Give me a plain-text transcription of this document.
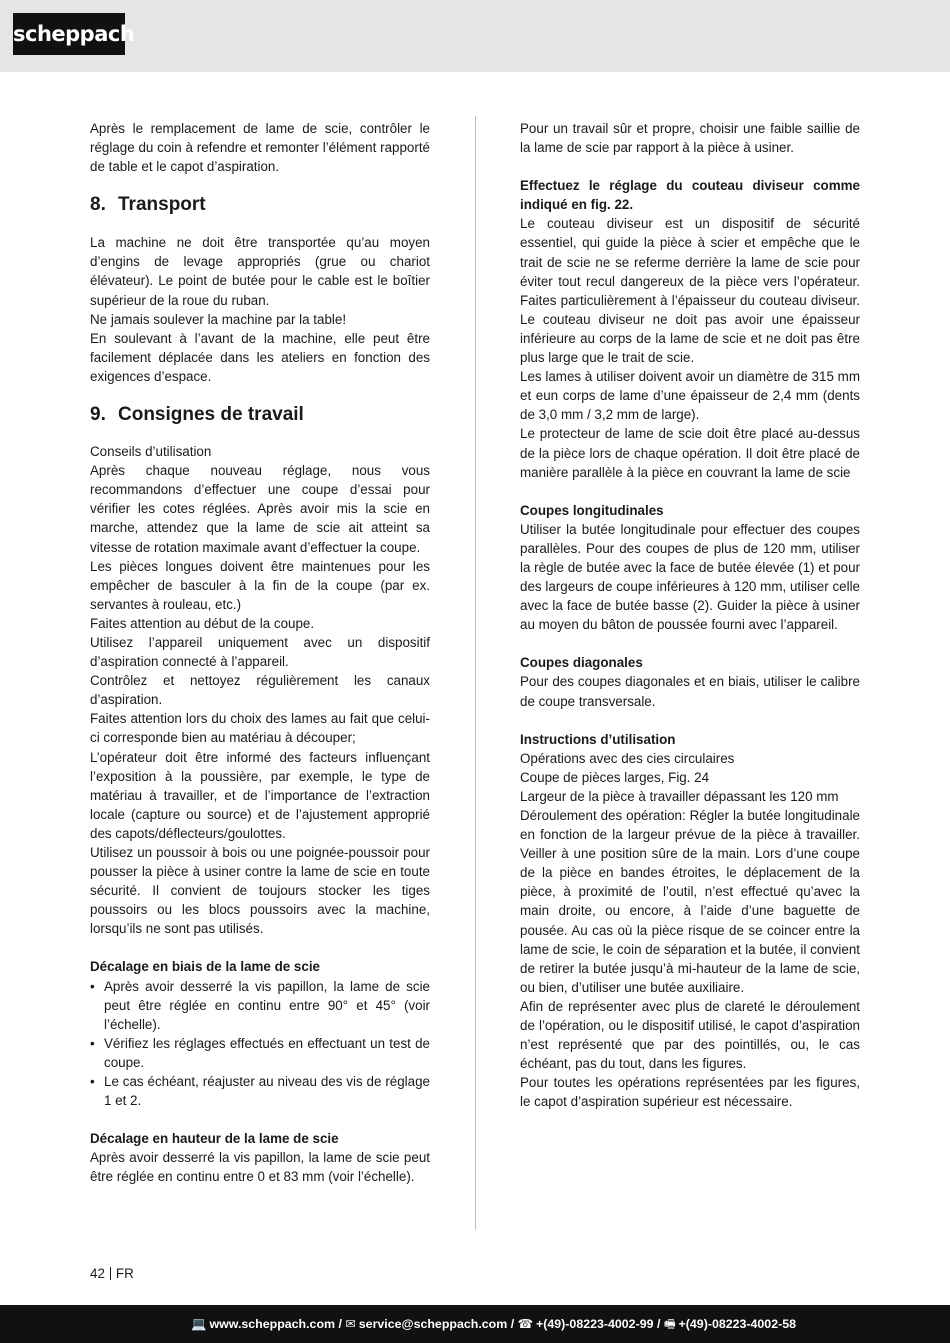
scheppach

Après le remplacement de lame de scie, contrôler le réglage du coin à refendre et remonter l’élément rapporté de table et le capot d’aspiration.

8. Transport

La machine ne doit être transportée qu’au moyen d’engins de levage appropriés (grue ou chariot élévateur). Le point de butée pour le cable est le boîtier supérieur de la roue du ruban.

Ne jamais soulever la machine par la table!

En soulevant à l’avant de la machine, elle peut être facilement déplacée dans les ateliers en fonction des exigences d’espace.

9. Consignes de travail

Conseils d’utilisation

Après chaque nouveau réglage, nous vous recommandons d’effectuer une coupe d’essai pour vérifier les cotes réglées. Après avoir mis la scie en marche, attendez que la lame de scie ait atteint sa vitesse de rotation maximale avant d’effectuer la coupe.

Les pièces longues doivent être maintenues pour les empêcher de basculer à la fin de la coupe (par ex. servantes à rouleau, etc.)

Faites attention au début de la coupe.

Utilisez l’appareil uniquement avec un dispositif d’aspiration connecté à l’appareil.

Contrôlez et nettoyez régulièrement les canaux d’aspiration.

Faites attention lors du choix des lames au fait que celui-ci corresponde bien au matériau à découper;

L’opérateur doit être informé des facteurs influençant l’exposition à la poussière, par exemple, le type de matériau à travailler, et de l’importance de l’extraction locale (capture ou source) et de l’ajustement approprié des capots/déflecteurs/goulottes.

Utilisez un poussoir à bois ou une poignée-poussoir pour pousser la pièce à usiner contre la lame de scie en toute sécurité. Il convient de toujours stocker les tiges poussoirs ou les blocs poussoirs avec la machine, lorsqu’ils ne sont pas utilisés.

Décalage en biais de la lame de scie

• Après avoir desserré la vis papillon, la lame de scie peut être réglée en continu entre 90° et 45° (voir l’échelle).
• Vérifiez les réglages effectués en effectuant un test de coupe.
• Le cas échéant, réajuster au niveau des vis de réglage 1 et 2.

Décalage en hauteur de la lame de scie

Après avoir desserré la vis papillon, la lame de scie peut être réglée en continu entre 0 et 83 mm (voir l’échelle).

Pour un travail sûr et propre, choisir une faible saillie de la lame de scie par rapport à la pièce à usiner.

Effectuez le réglage du couteau diviseur comme indiqué en fig. 22.

Le couteau diviseur est un dispositif de sécurité essentiel, qui guide la pièce à scier et empêche que le trait de scie ne se referme derrière la lame de scie pour éviter tout recul dangereux de la pièce vers l’opérateur. Faites particulièrement à l’épaisseur du couteau diviseur. Le couteau diviseur ne doit pas avoir une épaisseur inférieure au corps de la lame de scie et ne doit pas être plus large que le trait de scie.

Les lames à utiliser doivent avoir un diamètre de 315 mm et eun corps de lame d’une épaisseur de 2,4 mm (dents de 3,0 mm / 3,2 mm de large).

Le protecteur de lame de scie doit être placé au-dessus de la pièce lors de chaque opération. Il doit être placé de manière parallèle à la pièce en couvrant la lame de scie

Coupes longitudinales

Utiliser la butée longitudinale pour effectuer des coupes parallèles. Pour des coupes de plus de 120 mm, utiliser la règle de butée avec la face de butée élevée (1) et pour des largeurs de coupe inférieures à 120 mm, utiliser celle avec la face de butée basse (2). Guider la pièce à usiner au moyen du bâton de poussée fourni avec l’appareil.

Coupes diagonales

Pour des coupes diagonales et en biais, utiliser le calibre de coupe transversale.

Instructions d’utilisation

Opérations avec des cies circulaires

Coupe de pièces larges, Fig. 24

Largeur de la pièce à travailler dépassant les 120 mm

Déroulement des opération: Régler la butée longitudinale en fonction de la largeur prévue de la pièce à travailler. Veiller à une position sûre de la main. Lors d’une coupe de la pièce en bandes étroites, le déplacement de la pièce, à proximité de l’outil, n’est effectué qu’avec la main droite, ou encore, à l’aide d’une baguette de pousée. Au cas où la pièce risque de se coincer entre la lame de scie, le coin de séparation et la butée, il convient de retirer la butée jusqu’à mi-hauteur de la lame de scie, ou bien, d’utiliser une butée auxiliaire.

Afin de représenter avec plus de clareté le déroulement de l’opération, ou le dispositif utilisé, le capot d’aspiration n’est représenté que par des pointillés, ou, le cas échéant, pas du tout, dans les figures.

Pour toutes les opérations représentées par les figures, le capot d’aspiration supérieur est nécessaire.

42 FR
💻 www.scheppach.com / ✉ service@scheppach.com / ☎ +(49)-08223-4002-99 / 🖷 +(49)-08223-4002-58
